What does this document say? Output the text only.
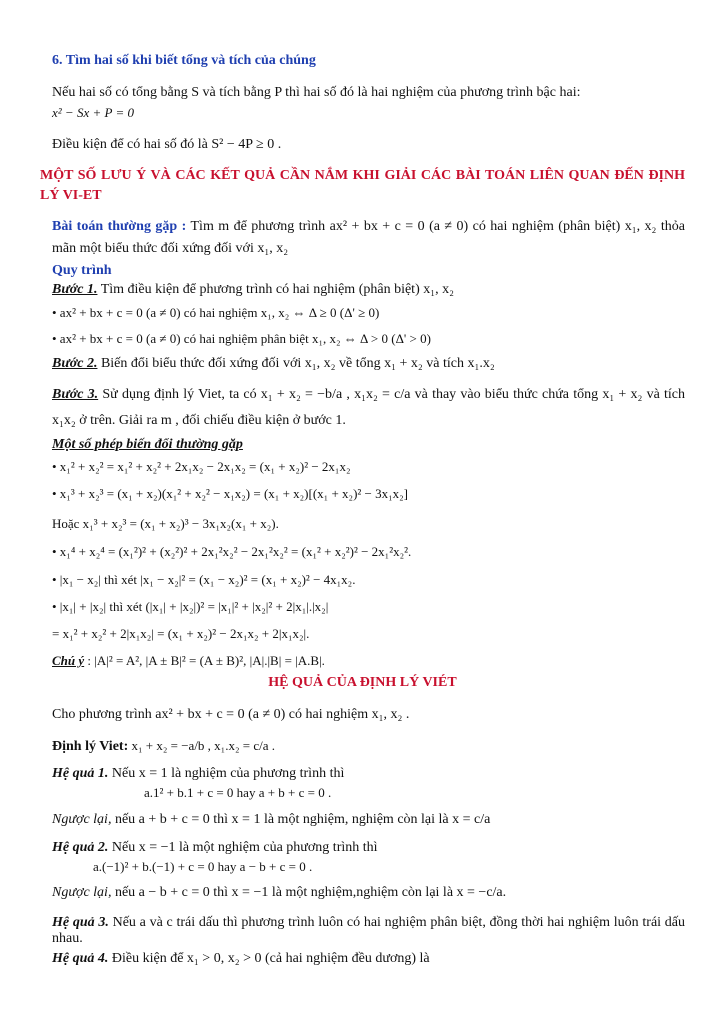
6. Tìm hai số khi biết tổng và tích của chúng
Nếu hai số có tổng bằng S và tích bằng P thì hai số đó là hai nghiệm của phương trình bậc hai:
x² − Sx + P = 0
Điều kiện để có hai số đó là S² − 4P ≥ 0 .
MỘT SỐ LƯU Ý VÀ CÁC KẾT QUẢ CẦN NẮM KHI GIẢI CÁC BÀI TOÁN LIÊN QUAN ĐẾN ĐỊNH LÝ VI-ET
Bài toán thường gặp : Tìm m để phương trình ax² + bx + c = 0 (a ≠ 0) có hai nghiệm (phân biệt) x₁, x₂ thỏa mãn một biểu thức đối xứng đối với x₁, x₂
Quy trình
Bước 1. Tìm điều kiện để phương trình có hai nghiệm (phân biệt) x₁, x₂
• ax² + bx + c = 0 (a ≠ 0) có hai nghiệm x₁, x₂ ⇔ Δ ≥ 0 (Δ' ≥ 0)
• ax² + bx + c = 0 (a ≠ 0) có hai nghiệm phân biệt x₁, x₂ ⇔ Δ > 0 (Δ' > 0)
Bước 2. Biến đổi biểu thức đối xứng đối với x₁, x₂ về tổng x₁ + x₂ và tích x₁.x₂
Bước 3. Sử dụng định lý Viet, ta có x₁ + x₂ = −b/a , x₁x₂ = c/a và thay vào biểu thức chứa tổng x₁ + x₂ và tích x₁x₂ ở trên. Giải ra m , đối chiếu điều kiện ở bước 1.
Một số phép biến đổi thường gặp
• x₁² + x₂² = x₁² + x₂² + 2x₁x₂ − 2x₁x₂ = (x₁ + x₂)² − 2x₁x₂
• x₁³ + x₂³ = (x₁ + x₂)(x₁² + x₂² − x₁x₂) = (x₁ + x₂)[(x₁ + x₂)² − 3x₁x₂]
Hoặc x₁³ + x₂³ = (x₁ + x₂)³ − 3x₁x₂(x₁ + x₂).
• x₁⁴ + x₂⁴ = (x₁²)² + (x₂²)² + 2x₁²x₂² − 2x₁²x₂² = (x₁² + x₂²)² − 2x₁²x₂².
• |x₁ − x₂| thì xét |x₁ − x₂|² = (x₁ − x₂)² = (x₁ + x₂)² − 4x₁x₂.
• |x₁| + |x₂| thì xét (|x₁| + |x₂|)² = |x₁|² + |x₂|² + 2|x₁|.|x₂|
= x₁² + x₂² + 2|x₁x₂| = (x₁ + x₂)² − 2x₁x₂ + 2|x₁x₂|.
Chú ý : |A|² = A², |A ± B|² = (A ± B)², |A|.|B| = |A.B|.
HỆ QUẢ CỦA ĐỊNH LÝ VIÉT
Cho phương trình ax² + bx + c = 0 (a ≠ 0) có hai nghiệm x₁, x₂ .
Định lý Viet: x₁ + x₂ = −a/b , x₁.x₂ = c/a .
Hệ quả 1. Nếu x = 1 là nghiệm của phương trình thì
a.1² + b.1 + c = 0 hay a + b + c = 0 .
Ngược lại, nếu a + b + c = 0 thì x = 1 là một nghiệm, nghiệm còn lại là x = c/a
Hệ quả 2. Nếu x = −1 là một nghiệm của phương trình thì
a.(−1)² + b.(−1) + c = 0 hay a − b + c = 0 .
Ngược lại, nếu a − b + c = 0 thì x = −1 là một nghiệm,nghiệm còn lại là x = −c/a.
Hệ quả 3. Nếu a và c trái dấu thì phương trình luôn có hai nghiệm phân biệt, đồng thời hai nghiệm luôn trái dấu nhau.
Hệ quả 4. Điều kiện để x₁ > 0, x₂ > 0 (cả hai nghiệm đều dương) là
